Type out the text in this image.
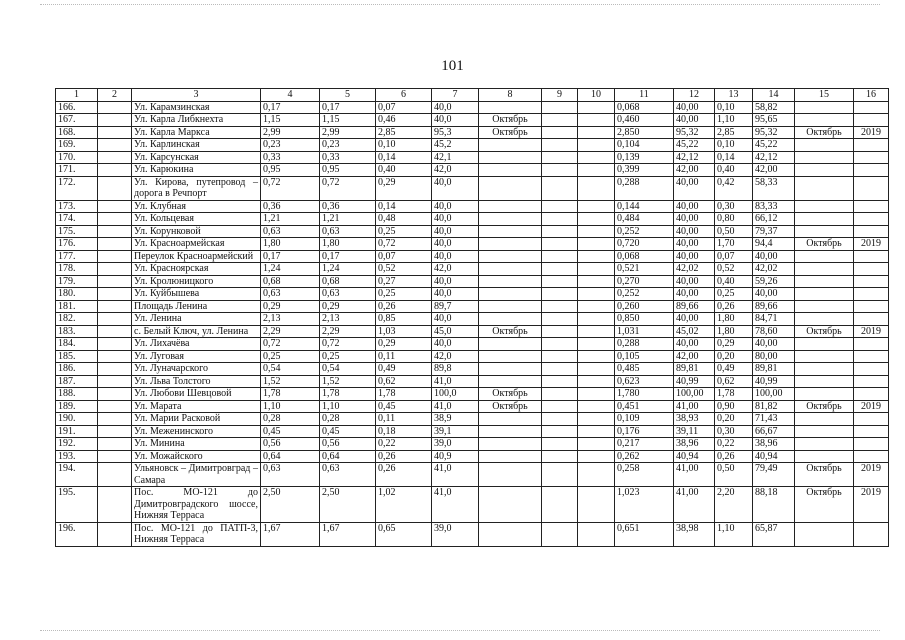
101
1	2	3	4	5	6	7	8	9	10	11	12	13	14	15	16
166.		Ул. Карамзинская	0,17	0,17	0,07	40,0				0,068	40,00	0,10	58,82		
167.		Ул. Карла Либкнехта	1,15	1,15	0,46	40,0	Октябрь			0,460	40,00	1,10	95,65		
168.		Ул. Карла Маркса	2,99	2,99	2,85	95,3	Октябрь			2,850	95,32	2,85	95,32	Октябрь	2019
169.		Ул. Карлинская	0,23	0,23	0,10	45,2				0,104	45,22	0,10	45,22		
170.		Ул. Карсунская	0,33	0,33	0,14	42,1				0,139	42,12	0,14	42,12		
171.		Ул. Карюкина	0,95	0,95	0,40	42,0				0,399	42,00	0,40	42,00		
172.		Ул. Кирова, путепровод – дорога в Речпорт	0,72	0,72	0,29	40,0				0,288	40,00	0,42	58,33		
173.		Ул. Клубная	0,36	0,36	0,14	40,0				0,144	40,00	0,30	83,33		
174.		Ул. Кольцевая	1,21	1,21	0,48	40,0				0,484	40,00	0,80	66,12		
175.		Ул. Корунковой	0,63	0,63	0,25	40,0				0,252	40,00	0,50	79,37		
176.		Ул. Красноармейская	1,80	1,80	0,72	40,0				0,720	40,00	1,70	94,4	Октябрь	2019
177.		Переулок Красноармейский	0,17	0,17	0,07	40,0				0,068	40,00	0,07	40,00		
178.		Ул. Красноярская	1,24	1,24	0,52	42,0				0,521	42,02	0,52	42,02		
179.		Ул. Кролюницкого	0,68	0,68	0,27	40,0				0,270	40,00	0,40	59,26		
180.		Ул. Куйбышева	0,63	0,63	0,25	40,0				0,252	40,00	0,25	40,00		
181.		Площадь Ленина	0,29	0,29	0,26	89,7				0,260	89,66	0,26	89,66		
182.		Ул. Ленина	2,13	2,13	0,85	40,0				0,850	40,00	1,80	84,71		
183.		с. Белый Ключ, ул. Ленина	2,29	2,29	1,03	45,0	Октябрь			1,031	45,02	1,80	78,60	Октябрь	2019
184.		Ул. Лихачёва	0,72	0,72	0,29	40,0				0,288	40,00	0,29	40,00		
185.		Ул. Луговая	0,25	0,25	0,11	42,0				0,105	42,00	0,20	80,00		
186.		Ул. Луначарского	0,54	0,54	0,49	89,8				0,485	89,81	0,49	89,81		
187.		Ул. Льва Толстого	1,52	1,52	0,62	41,0				0,623	40,99	0,62	40,99		
188.		Ул. Любови Шевцовой	1,78	1,78	1,78	100,0	Октябрь			1,780	100,00	1,78	100,00		
189.		Ул. Марата	1,10	1,10	0,45	41,0	Октябрь			0,451	41,00	0,90	81,82	Октябрь	2019
190.		Ул. Марии Расковой	0,28	0,28	0,11	38,9				0,109	38,93	0,20	71,43		
191.		Ул. Меженинского	0,45	0,45	0,18	39,1				0,176	39,11	0,30	66,67		
192.		Ул. Минина	0,56	0,56	0,22	39,0				0,217	38,96	0,22	38,96		
193.		Ул. Можайского	0,64	0,64	0,26	40,9				0,262	40,94	0,26	40,94		
194.		Ульяновск – Димитровград – Самара	0,63	0,63	0,26	41,0				0,258	41,00	0,50	79,49	Октябрь	2019
195.		Пос. МО-121 до Димитровградского шоссе, Нижняя Терраса	2,50	2,50	1,02	41,0				1,023	41,00	2,20	88,18	Октябрь	2019
196.		Пос. МО-121 до ПАТП-3, Нижняя Терраса	1,67	1,67	0,65	39,0				0,651	38,98	1,10	65,87		
